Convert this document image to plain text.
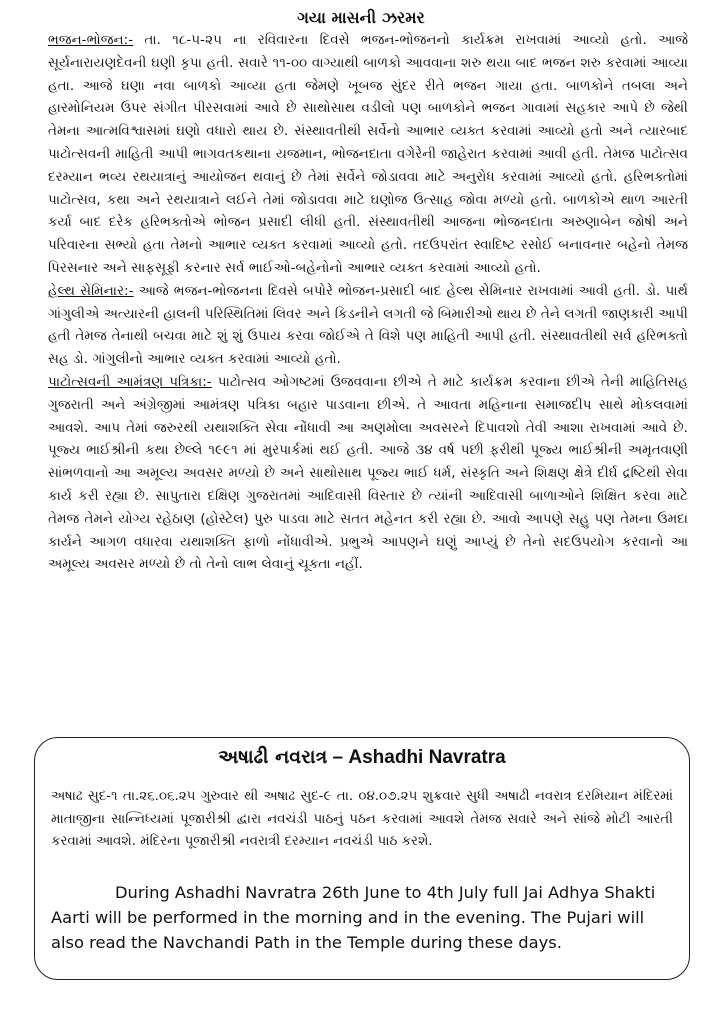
ગયા માસની ઝરમર

ભજન-ભોજન:- તા. ૧૮-૫-૨૫ ના રવિવારના દિવસે ભજન-ભોજનનો કાર્યક્રમ રાખવામાં આવ્યો હતો. આજે સૂર્યનારાયણદેવની ઘણી કૃપા હતી. સવારે ૧૧-૦૦ વાગ્યાથી બાળકો આવવાના શરુ થયા બાદ ભજન શરુ કરવામાં આવ્યા હતા. આજે ઘણા નવા બાળકો આવ્યા હતા જેમણે ખૂબજ સુંદર રીતે ભજન ગાયા હતા. બાળકોને તબલા અને હારમોનિયમ ઉપર સંગીત પીરસવામાં આવે છે સાથોસાથ વડીલો પણ બાળકોને ભજન ગાવામાં સહકાર આપે છે જેથી તેમના આત્મવિશ્વાસમાં ઘણો વધારો થાય છે. સંસ્થાવતીથી સર્વેનો આભાર વ્યક્ત કરવામાં આવ્યો હતો અને ત્યારબાદ પાટોત્સવની માહિતી આપી ભાગવતકથાના યજમાન, ભોજનદાતા વગેરેની જાહેરાત કરવામાં આવી હતી. તેમજ પાટોત્સવ દરમ્યાન ભવ્ય રથયાત્રાનું આયોજન થવાનું છે તેમાં સર્વેને જોડાવવા માટે અનુરોધ કરવામાં આવ્યો હતો. હરિભક્તોમાં પાટોત્સવ, કથા અને રથયાત્રાને લઈને તેમાં જોડાવવા માટે ઘણોજ ઉત્સાહ જોવા મળ્યો હતો. બાળકોએ થાળ આરતી કર્યા બાદ દરેક હરિભક્તોએ ભોજન પ્રસાદી લીધી હતી. સંસ્થાવતીથી આજના ભોજનદાતા અરુણાબેન જોષી અને પરિવારના સભ્યો હતા તેમનો આભાર વ્યક્ત કરવામાં આવ્યો હતો. તદઉપરાંત સ્વાદિષ્ટ રસોઈ બનાવનાર બહેનો તેમજ પિરસનાર અને સાફસૂફી કરનાર સર્વ ભાઈઓ-બહેનોનો આભાર વ્યક્ત કરવામાં આવ્યો હતો.

હેલ્થ સેમિનાર:- આજે ભજન-ભોજનના દિવસે બપોરે ભોજન-પ્રસાદી બાદ હેલ્થ સેમિનાર રાખવામાં આવી હતી. ડો. પાર્થ ગાંગુલીએ અત્યારની હાલની પરિસ્થિતિમાં લિવર અને કિડનીને લગતી જે બિમારીઓ થાય છે તેને લગતી જાણકારી આપી હતી તેમજ તેનાથી બચવા માટે શું શું ઉપાય કરવા જોઈએ તે વિશે પણ માહિતી આપી હતી. સંસ્થાવતીથી સર્વ હરિભક્તો સહ ડો. ગાંગુલીનો આભાર વ્યક્ત કરવામાં આવ્યો હતો.

પાટોત્સવની આમંત્રણ પત્રિકા:- પાટોત્સવ ઓગષ્ટમાં ઉજવવાના છીએ તે માટે કાર્યક્રમ કરવાના છીએ તેની માહિતિસહ ગુજરાતી અને અંગ્રેજીમાં આમંત્રણ પત્રિકા બહાર પાડવાના છીએ. તે આવતા મહિનાના સમાજદીપ સાથે મોકલવામાં આવશે. આપ તેમાં જરુરથી યથાશક્તિ સેવા નોંધાવી આ અણમોલા અવસરને દિપાવશો તેવી આશા રાખવામાં આવે છે. પૂજ્ય ભાઈશ્રીની કથા છેલ્લે ૧૯૯૧ માં મુરપાર્કમાં થઈ હતી. આજે ૩૪ વર્ષ પછી ફરીથી પૂજ્ય ભાઈશ્રીની અમૃતવાણી સાંભળવાનો આ અમૂલ્ય અવસર મળ્યો છે અને સાથોસાથ પૂજ્ય ભાઈ ધર્મ, સંસ્કૃતિ અને શિક્ષણ ક્ષેત્રે દીર્ઘ દ્રષ્ટિથી સેવા કાર્ય કરી રહ્યા છે. સાપુતારા દક્ષિણ ગુજરાતમાં આદિવાસી વિસ્તાર છે ત્યાંની આદિવાસી બાળાઓને શિક્ષિત કરવા માટે તેમજ તેમને યોગ્ય રહેઠાણ (હોસ્ટેલ) પુરુ પાડવા માટે સતત મહેનત કરી રહ્યા છે. આવો આપણે સહુ પણ તેમના ઉમદા કાર્યને આગળ વધારવા યથાશક્તિ ફાળો નોંધાવીએ. પ્રભુએ આપણને ઘણું આપ્યું છે તેનો સદઉપયોગ કરવાનો આ અમૂલ્ય અવસર મળ્યો છે તો તેનો લાભ લેવાનું ચૂકતા નહીં.

અષાઢી નવરાત્ર – Ashadhi Navratra

અષાઢ સુદ-૧ તા.૨૬.૦૬.૨૫ ગુરુવાર થી અષાઢ સુદ-૯ તા. ૦૪.૦૭.૨૫ શુક્રવાર સુધી અષાઢી નવરાત્ર દરમિયાન મંદિરમાં માતાજીના સાન્નિધ્યમાં પૂજારીશ્રી દ્વારા નવચંડી પાઠનું પઠન કરવામાં આવશે તેમજ સવારે અને સાંજે મોટી આરતી કરવામાં આવશે. મંદિરના પૂજારીશ્રી નવરાત્રી દરમ્યાન નવચંડી પાઠ કરશે.

During Ashadhi Navratra 26th June to 4th July full Jai Adhya Shakti Aarti will be performed in the morning and in the evening. The Pujari will also read the Navchandi Path in the Temple during these days.
